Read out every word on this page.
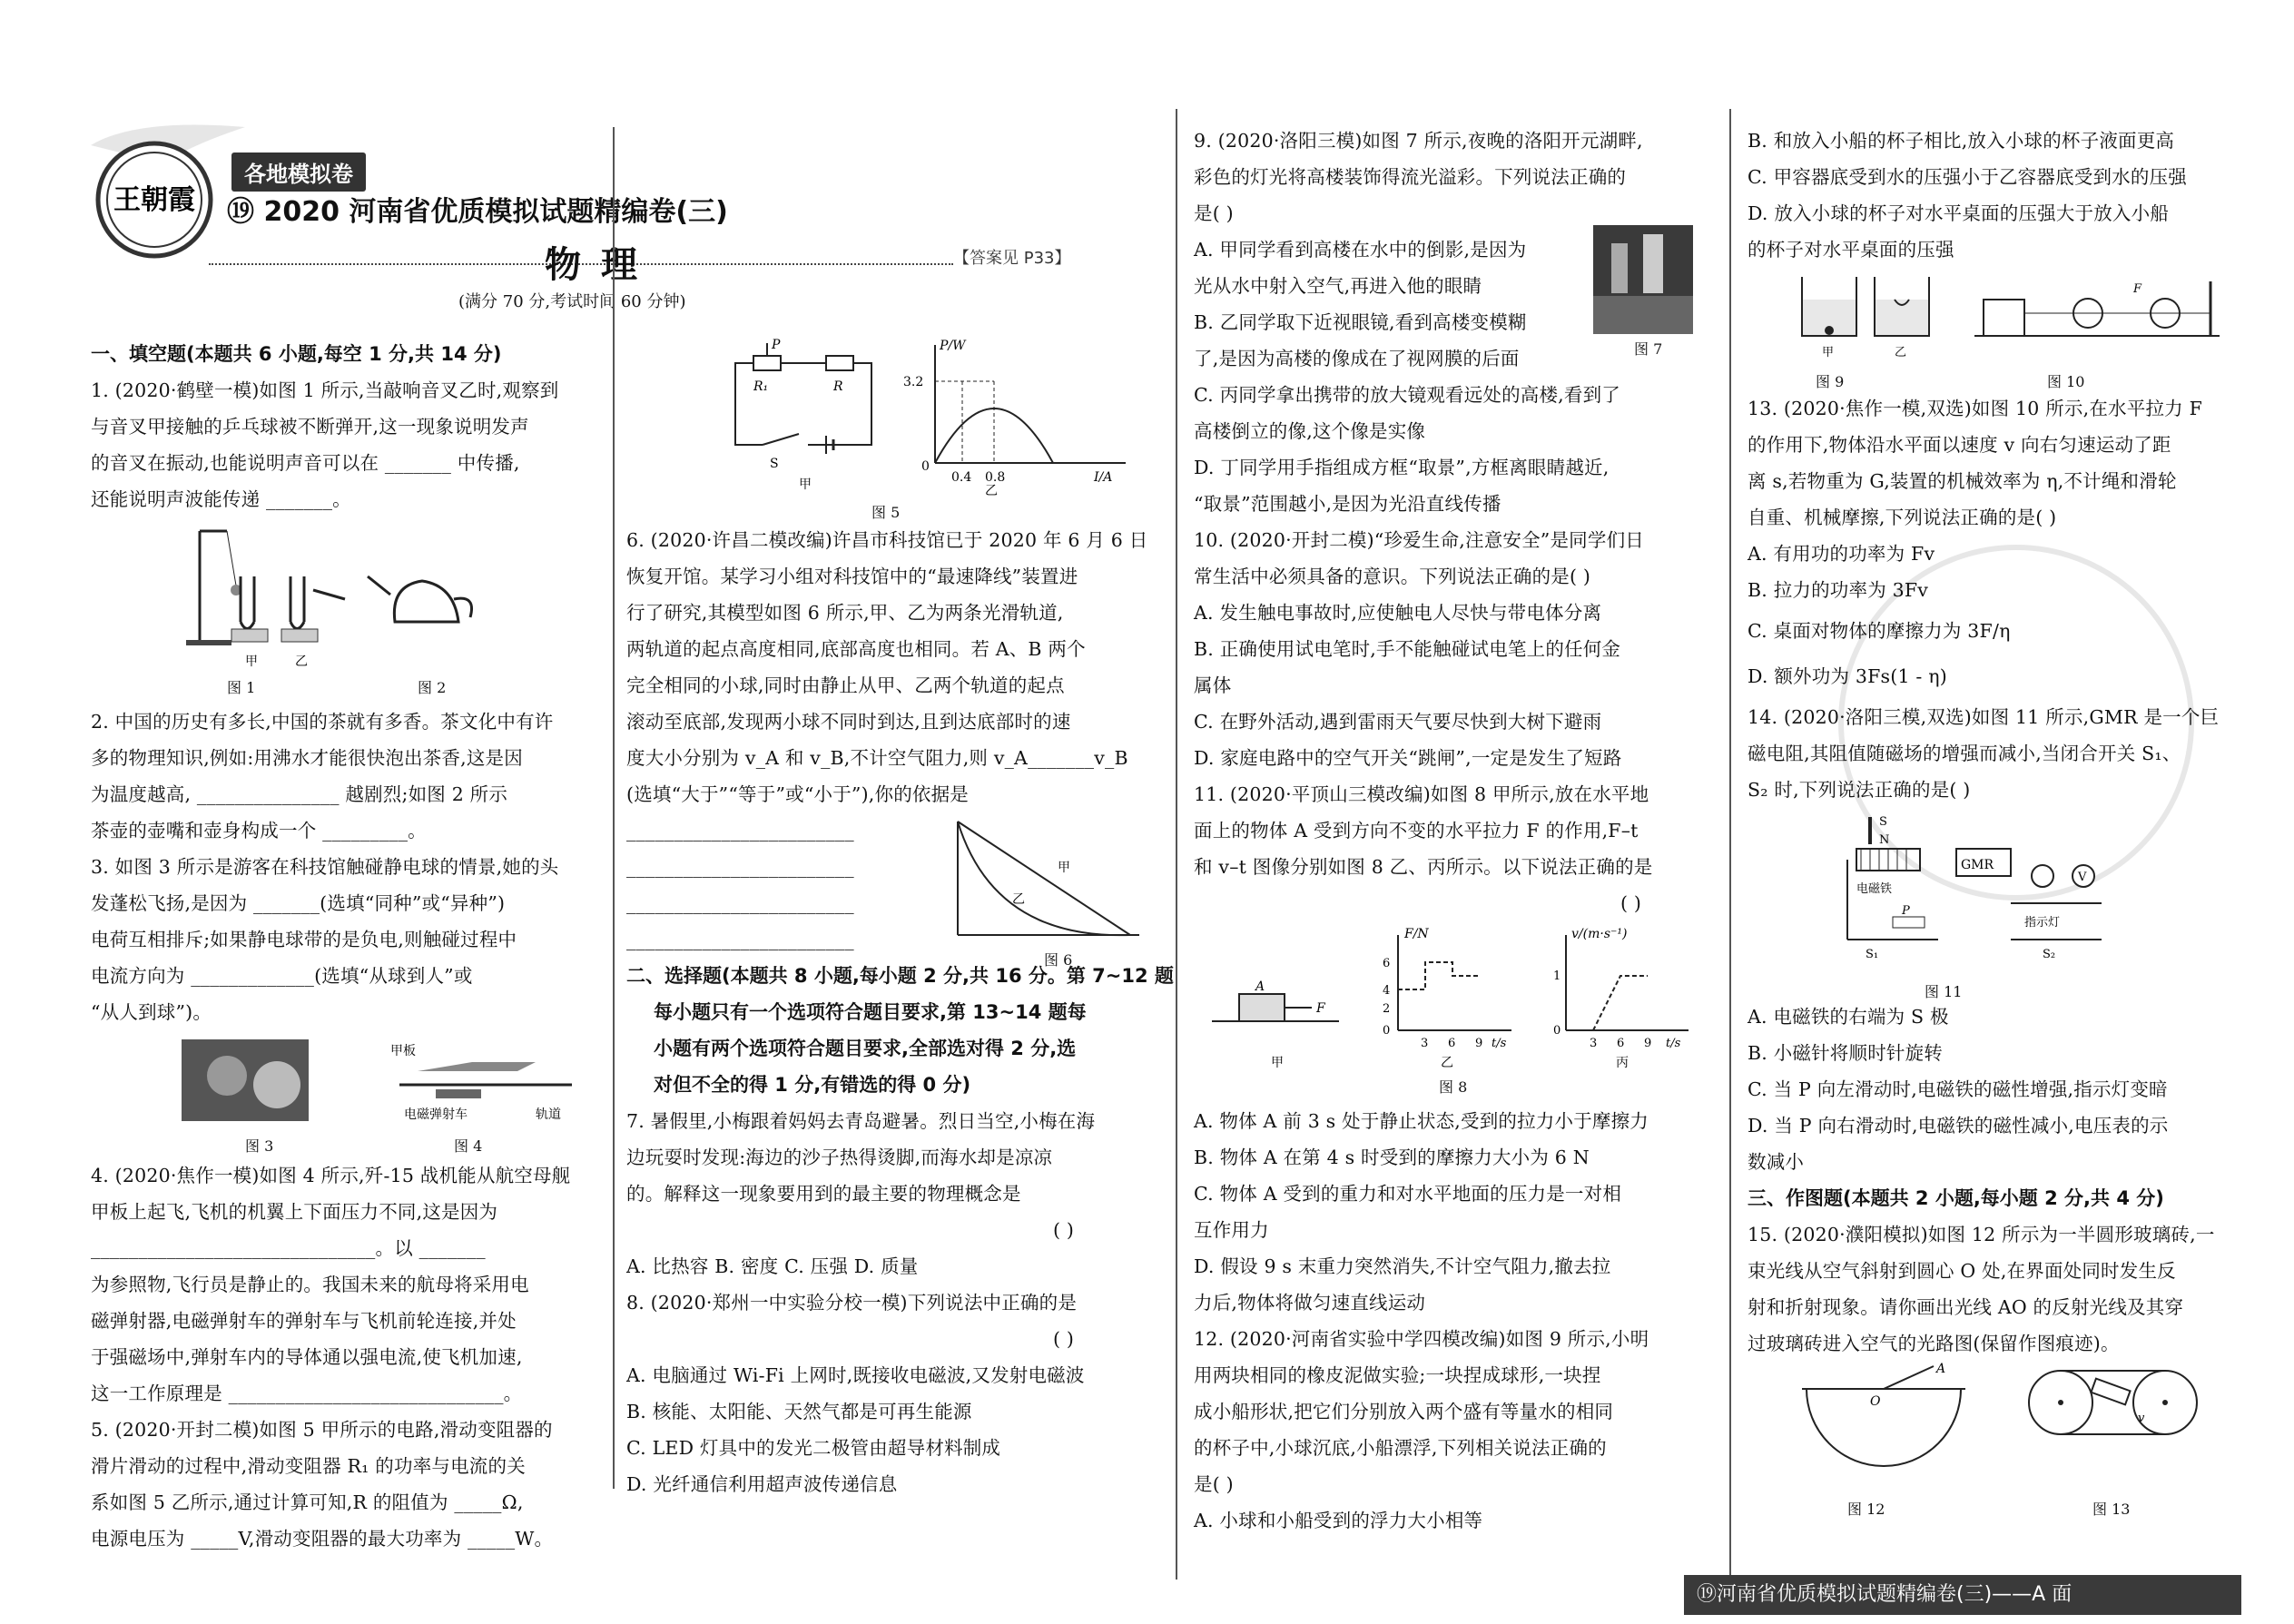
王朝霞
各地模拟卷
⑲ 2020 河南省优质模拟试题精编卷(三)
物理	【答案见 P33】
(满分 70 分,考试时间 60 分钟)
一、填空题(本题共 6 小题,每空 1 分,共 14 分)
1. (2020·鹤壁一模)如图 1 所示,当敲响音叉乙时,观察到
与音叉甲接触的乒乓球被不断弹开,这一现象说明发声
的音叉在振动,也能说明声音可以在 _______ 中传播,
还能说明声波能传递 _______。
甲	乙
图 1	图 2
2. 中国的历史有多长,中国的茶就有多香。茶文化中有许
多的物理知识,例如:用沸水才能很快泡出茶香,这是因
为温度越高, _______________ 越剧烈;如图 2 所示
茶壶的壶嘴和壶身构成一个 _________。
3. 如图 3 所示是游客在科技馆触碰静电球的情景,她的头
发蓬松飞扬,是因为 _______(选填“同种”或“异种”)
电荷互相排斥;如果静电球带的是负电,则触碰过程中
电流方向为 _____________(选填“从球到人”或
“从人到球”)。
甲板
电磁弹射车	轨道
图 3	图 4
4. (2020·焦作一模)如图 4 所示,歼-15 战机能从航空母舰
甲板上起飞,飞机的机翼上下面压力不同,这是因为
______________________________。以 _______
为参照物,飞行员是静止的。我国未来的航母将采用电
磁弹射器,电磁弹射车的弹射车与飞机前轮连接,并处
于强磁场中,弹射车内的导体通以强电流,使飞机加速,
这一工作原理是 _____________________________。
5. (2020·开封二模)如图 5 甲所示的电路,滑动变阻器的
滑片滑动的过程中,滑动变阻器 R₁ 的功率与电流的关
系如图 5 乙所示,通过计算可知,R 的阻值为 _____Ω,
电源电压为 _____V,滑动变阻器的最大功率为 _____W。
P
R₁	R
S
甲
P/W
3.2
0
0.4 0.8	I/A
乙
图 5
6. (2020·许昌二模改编)许昌市科技馆已于 2020 年 6 月 6 日
恢复开馆。某学习小组对科技馆中的“最速降线”装置进
行了研究,其模型如图 6 所示,甲、乙为两条光滑轨道,
两轨道的起点高度相同,底部高度也相同。若 A、B 两个
完全相同的小球,同时由静止从甲、乙两个轨道的起点
滚动至底部,发现两小球不同时到达,且到达底部时的速
度大小分别为 v_A 和 v_B,不计空气阻力,则 v_A_______v_B
(选填“大于”“等于”或“小于”),你的依据是
________________________
________________________
________________________
________________________
甲
乙
图 6
二、选择题(本题共 8 小题,每小题 2 分,共 16 分。第 7~12 题
每小题只有一个选项符合题目要求,第 13~14 题每
小题有两个选项符合题目要求,全部选对得 2 分,选
对但不全的得 1 分,有错选的得 0 分)
7. 暑假里,小梅跟着妈妈去青岛避暑。烈日当空,小梅在海
边玩耍时发现:海边的沙子热得烫脚,而海水却是凉凉
的。解释这一现象要用到的最主要的物理概念是
( )
A. 比热容 B. 密度 C. 压强 D. 质量
8. (2020·郑州一中实验分校一模)下列说法中正确的是
( )
A. 电脑通过 Wi-Fi 上网时,既接收电磁波,又发射电磁波
B. 核能、太阳能、天然气都是可再生能源
C. LED 灯具中的发光二极管由超导材料制成
D. 光纤通信利用超声波传递信息
9. (2020·洛阳三模)如图 7 所示,夜晚的洛阳开元湖畔,
彩色的灯光将高楼装饰得流光溢彩。下列说法正确的
是( )
A. 甲同学看到高楼在水中的倒影,是因为
光从水中射入空气,再进入他的眼睛
B. 乙同学取下近视眼镜,看到高楼变模糊
了,是因为高楼的像成在了视网膜的后面
C. 丙同学拿出携带的放大镜观看远处的高楼,看到了
高楼倒立的像,这个像是实像
D. 丁同学用手指组成方框“取景”,方框离眼睛越近,
“取景”范围越小,是因为光沿直线传播
图 7
10. (2020·开封二模)“珍爱生命,注意安全”是同学们日
常生活中必须具备的意识。下列说法正确的是( )
A. 发生触电事故时,应使触电人尽快与带电体分离
B. 正确使用试电笔时,手不能触碰试电笔上的任何金
属体
C. 在野外活动,遇到雷雨天气要尽快到大树下避雨
D. 家庭电路中的空气开关“跳闸”,一定是发生了短路
11. (2020·平顶山三模改编)如图 8 甲所示,放在水平地
面上的物体 A 受到方向不变的水平拉力 F 的作用,F–t
和 v–t 图像分别如图 8 乙、丙所示。以下说法正确的是
( )
A
F
甲
F/N
6
4
2
0
3 6 9 t/s
乙
v/(m·s⁻¹)
1
0
3 6 9 t/s
丙
图 8
A. 物体 A 前 3 s 处于静止状态,受到的拉力小于摩擦力
B. 物体 A 在第 4 s 时受到的摩擦力大小为 6 N
C. 物体 A 受到的重力和对水平地面的压力是一对相
互作用力
D. 假设 9 s 末重力突然消失,不计空气阻力,撤去拉
力后,物体将做匀速直线运动
12. (2020·河南省实验中学四模改编)如图 9 所示,小明
用两块相同的橡皮泥做实验;一块捏成球形,一块捏
成小船形状,把它们分别放入两个盛有等量水的相同
的杯子中,小球沉底,小船漂浮,下列相关说法正确的
是( )
A. 小球和小船受到的浮力大小相等
B. 和放入小船的杯子相比,放入小球的杯子液面更高
C. 甲容器底受到水的压强小于乙容器底受到水的压强
D. 放入小球的杯子对水平桌面的压强大于放入小船
的杯子对水平桌面的压强
甲	乙
F
图 9	图 10
13. (2020·焦作一模,双选)如图 10 所示,在水平拉力 F
的作用下,物体沿水平面以速度 v 向右匀速运动了距
离 s,若物重为 G,装置的机械效率为 η,不计绳和滑轮
自重、机械摩擦,下列说法正确的是( )
A. 有用功的功率为 Fv
B. 拉力的功率为 3Fv
C. 桌面对物体的摩擦力为 3F/η
D. 额外功为 3Fs(1 - η)
14. (2020·洛阳三模,双选)如图 11 所示,GMR 是一个巨
磁电阻,其阻值随磁场的增强而减小,当闭合开关 S₁、
S₂ 时,下列说法正确的是( )
GMR
V
S
N
电磁铁
P
指示灯
S₁	S₂
图 11
A. 电磁铁的右端为 S 极
B. 小磁针将顺时针旋转
C. 当 P 向左滑动时,电磁铁的磁性增强,指示灯变暗
D. 当 P 向右滑动时,电磁铁的磁性减小,电压表的示
数减小
三、作图题(本题共 2 小题,每小题 2 分,共 4 分)
15. (2020·濮阳模拟)如图 12 所示为一半圆形玻璃砖,一
束光线从空气斜射到圆心 O 处,在界面处同时发生反
射和折射现象。请你画出光线 AO 的反射光线及其穿
过玻璃砖进入空气的光路图(保留作图痕迹)。
A
O
v
图 12	图 13
⑲河南省优质模拟试题精编卷(三)——A 面
